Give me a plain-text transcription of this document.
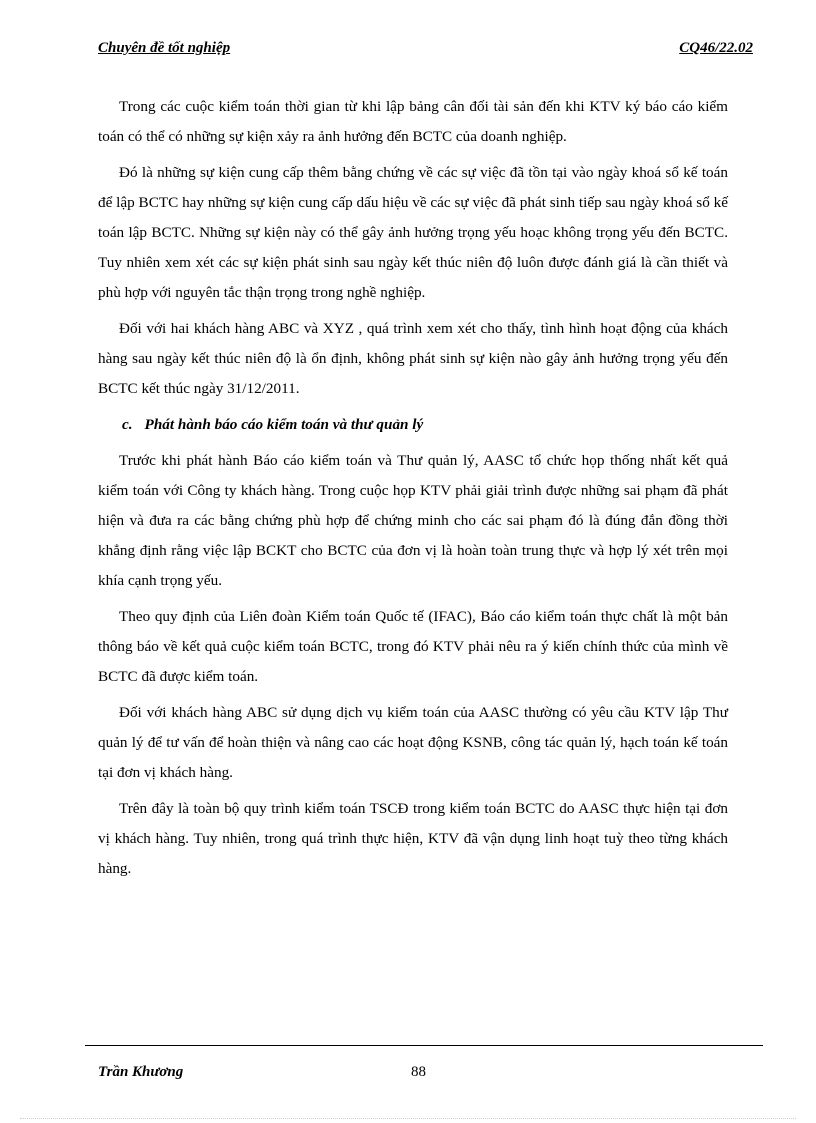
Chuyên đề tốt nghiệp	CQ46/22.02

Trong các cuộc kiểm toán thời gian từ khi lập bảng cân đối tài sản đến khi KTV ký báo cáo kiểm toán có thể có những sự kiện xảy ra ảnh hưởng đến BCTC của doanh nghiệp.

Đó là những sự kiện cung cấp thêm bằng chứng về các sự việc đã tồn tại vào ngày khoá sổ kế toán để lập BCTC hay những sự kiện cung cấp dấu hiệu về các sự việc đã phát sinh tiếp sau ngày khoá sổ kế toán lập BCTC. Những sự kiện này có thể gây ảnh hưởng trọng yếu hoạc không trọng yếu đến BCTC. Tuy nhiên xem xét các sự kiện phát sinh sau ngày kết thúc niên độ luôn được đánh giá là cần thiết và phù hợp với nguyên tắc thận trọng trong nghề nghiệp.

Đối với hai khách hàng ABC và XYZ , quá trình xem xét cho thấy, tình hình hoạt động của khách hàng sau ngày kết thúc niên độ là ổn định, không phát sinh sự kiện nào gây ảnh hưởng trọng yếu đến BCTC kết thúc ngày 31/12/2011.

c. Phát hành báo cáo kiểm toán và thư quản lý

Trước khi phát hành Báo cáo kiểm toán và Thư quản lý, AASC tổ chức họp thống nhất kết quả kiểm toán với Công ty khách hàng. Trong cuộc họp KTV phải giải trình được những sai phạm đã phát hiện và đưa ra các bằng chứng phù hợp để chứng minh cho các sai phạm đó là đúng đắn đồng thời khẳng định rằng việc lập BCKT cho BCTC của đơn vị là hoàn toàn trung thực và hợp lý xét trên mọi khía cạnh trọng yếu.

Theo quy định của Liên đoàn Kiểm toán Quốc tế (IFAC), Báo cáo kiểm toán thực chất là một bản thông báo về kết quả cuộc kiểm toán BCTC, trong đó KTV phải nêu ra ý kiến chính thức của mình về BCTC đã được kiểm toán.

Đối với khách hàng ABC sử dụng dịch vụ kiểm toán của AASC thường có yêu cầu KTV lập Thư quản lý để tư vấn để hoàn thiện và nâng cao các hoạt động KSNB, công tác quản lý, hạch toán kế toán tại đơn vị khách hàng.

Trên đây là toàn bộ quy trình kiểm toán TSCĐ trong kiểm toán BCTC do AASC thực hiện tại đơn vị khách hàng. Tuy nhiên, trong quá trình thực hiện, KTV đã vận dụng linh hoạt tuỳ theo từng khách hàng.

Trần Khương	88
